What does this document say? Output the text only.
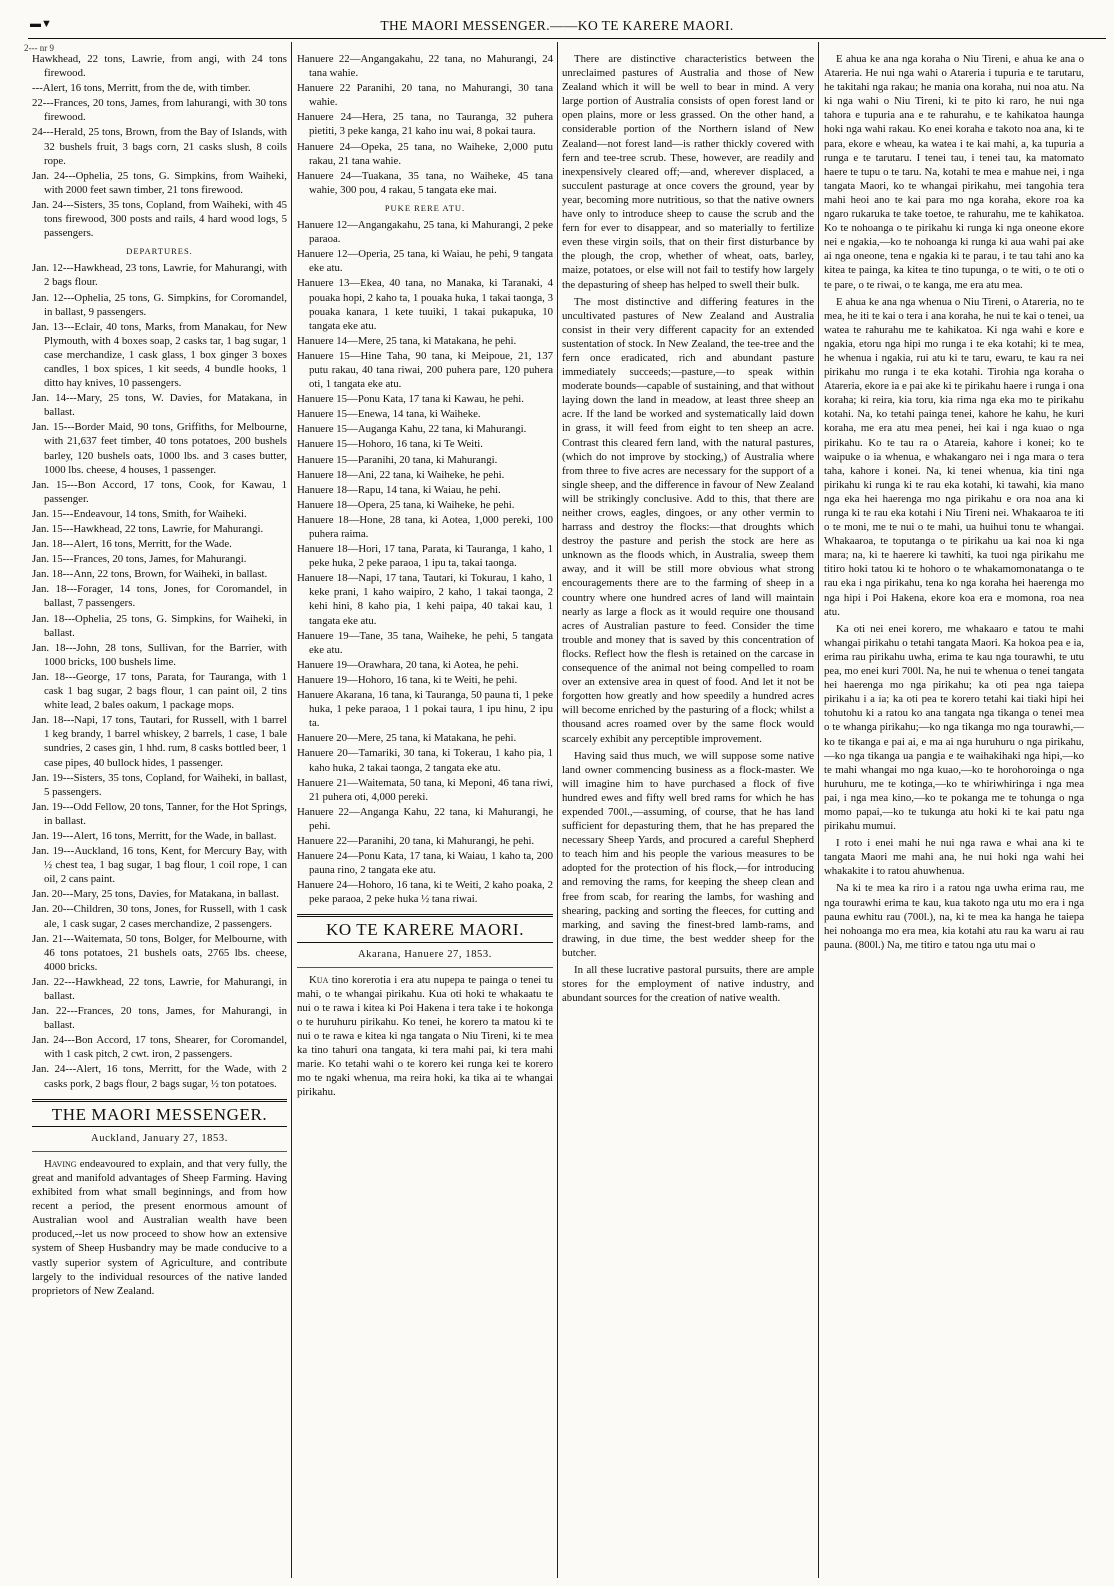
▬▼	THE MAORI MESSENGER.——KO TE KARERE MAORI.
2--- nr 9
Hawkhead, 22 tons, Lawrie, from angi, with 24 tons firewood.
---Alert, 16 tons, Merritt, from the de, with timber.
22---Frances, 20 tons, James, from lahurangi, with 30 tons firewood.
24---Herald, 25 tons, Brown, from the Bay of Islands, with 32 bushels fruit, 3 bags corn, 21 casks slush, 8 coils rope.
Jan. 24---Ophelia, 25 tons, G. Simpkins, from Waiheki, with 2000 feet sawn timber, 21 tons firewood.
Jan. 24---Sisters, 35 tons, Copland, from Waiheki, with 45 tons firewood, 300 posts and rails, 4 hard wood logs, 5 passengers.
DEPARTURES.
Jan. 12---Hawkhead, 23 tons, Lawrie, for Mahurangi, with 2 bags flour.
Jan. 12---Ophelia, 25 tons, G. Simpkins, for Coromandel, in ballast, 9 passengers.
Jan. 13---Eclair, 40 tons, Marks, from Manakau, for New Plymouth, with 4 boxes soap, 2 casks tar, 1 bag sugar, 1 case merchandize, 1 cask glass, 1 box ginger 3 boxes candles, 1 box spices, 1 kit seeds, 4 bundle hooks, 1 ditto hay knives, 10 passengers.
Jan. 14---Mary, 25 tons, W. Davies, for Matakana, in ballast.
Jan. 15---Border Maid, 90 tons, Griffiths, for Melbourne, with 21,637 feet timber, 40 tons potatoes, 200 bushels barley, 120 bushels oats, 1000 lbs. and 3 cases butter, 1000 lbs. cheese, 4 houses, 1 passenger.
Jan. 15---Bon Accord, 17 tons, Cook, for Kawau, 1 passenger.
Jan. 15---Endeavour, 14 tons, Smith, for Waiheki.
Jan. 15---Hawkhead, 22 tons, Lawrie, for Mahurangi.
Jan. 18---Alert, 16 tons, Merritt, for the Wade.
Jan. 15---Frances, 20 tons, James, for Mahurangi.
Jan. 18---Ann, 22 tons, Brown, for Waiheki, in ballast.
Jan. 18---Forager, 14 tons, Jones, for Coromandel, in ballast, 7 passengers.
Jan. 18---Ophelia, 25 tons, G. Simpkins, for Waiheki, in ballast.
Jan. 18---John, 28 tons, Sullivan, for the Barrier, with 1000 bricks, 100 bushels lime.
Jan. 18---George, 17 tons, Parata, for Tauranga, with 1 cask 1 bag sugar, 2 bags flour, 1 can paint oil, 2 tins white lead, 2 bales oakum, 1 package mops.
Jan. 18---Napi, 17 tons, Tautari, for Russell, with 1 barrel 1 keg brandy, 1 barrel whiskey, 2 barrels, 1 case, 1 bale sundries, 2 cases gin, 1 hhd. rum, 8 casks bottled beer, 1 case pipes, 40 bullock hides, 1 passenger.
Jan. 19---Sisters, 35 tons, Copland, for Waiheki, in ballast, 5 passengers.
Jan. 19---Odd Fellow, 20 tons, Tanner, for the Hot Springs, in ballast.
Jan. 19---Alert, 16 tons, Merritt, for the Wade, in ballast.
Jan. 19---Auckland, 16 tons, Kent, for Mercury Bay, with ½ chest tea, 1 bag sugar, 1 bag flour, 1 coil rope, 1 can oil, 2 cans paint.
Jan. 20---Mary, 25 tons, Davies, for Matakana, in ballast.
Jan. 20---Children, 30 tons, Jones, for Russell, with 1 cask ale, 1 cask sugar, 2 cases merchandize, 2 passengers.
Jan. 21---Waitemata, 50 tons, Bolger, for Melbourne, with 46 tons potatoes, 21 bushels oats, 2765 lbs. cheese, 4000 bricks.
Jan. 22---Hawkhead, 22 tons, Lawrie, for Mahurangi, in ballast.
Jan. 22---Frances, 20 tons, James, for Mahurangi, in ballast.
Jan. 24---Bon Accord, 17 tons, Shearer, for Coromandel, with 1 cask pitch, 2 cwt. iron, 2 passengers.
Jan. 24---Alert, 16 tons, Merritt, for the Wade, with 2 casks pork, 2 bags flour, 2 bags sugar, ½ ton potatoes.
THE MAORI MESSENGER.
Auckland, January 27, 1853.

Having endeavoured to explain, and that very fully, the great and manifold advantages of Sheep Farming. Having exhibited from what small beginnings, and from how recent a period, the present enormous amount of Australian wool and Australian wealth have been produced,--let us now proceed to show how an extensive system of Sheep Husbandry may be made conducive to a vastly superior system of Agriculture, and contribute largely to the individual resources of the native landed proprietors of New Zealand.

Hanuere 22—Angangakahu, 22 tana, no Mahurangi, 24 tana wahie.
Hanuere 22 Paranihi, 20 tana, no Mahurangi, 30 tana wahie.
Hanuere 24—Hera, 25 tana, no Tauranga, 32 puhera pietiti, 3 peke kanga, 21 kaho inu wai, 8 pokai taura.
Hanuere 24—Opeka, 25 tana, no Waiheke, 2,000 putu rakau, 21 tana wahie.
Hanuere 24—Tuakana, 35 tana, no Waiheke, 45 tana wahie, 300 pou, 4 rakau, 5 tangata eke mai.
PUKE RERE ATU.
Hanuere 12—Angangakahu, 25 tana, ki Mahurangi, 2 peke paraoa.
Hanuere 12—Operia, 25 tana, ki Waiau, he pehi, 9 tangata eke atu.
Hanuere 13—Ekea, 40 tana, no Manaka, ki Taranaki, 4 pouaka hopi, 2 kaho ta, 1 pouaka huka, 1 takai taonga, 3 pouaka kanara, 1 kete tuuiki, 1 takai pukapuka, 10 tangata eke atu.
Hanuere 14—Mere, 25 tana, ki Matakana, he pehi.
Hanuere 15—Hine Taha, 90 tana, ki Meipoue, 21, 137 putu rakau, 40 tana riwai, 200 puhera pare, 120 puhera oti, 1 tangata eke atu.
Hanuere 15—Ponu Kata, 17 tana ki Kawau, he pehi.
Hanuere 15—Enewa, 14 tana, ki Waiheke.
Hanuere 15—Auganga Kahu, 22 tana, ki Mahurangi.
Hanuere 15—Hohoro, 16 tana, ki Te Weiti.
Hanuere 15—Paranihi, 20 tana, ki Mahurangi.
Hanuere 18—Ani, 22 tana, ki Waiheke, he pehi.
Hanuere 18—Rapu, 14 tana, ki Waiau, he pehi.
Hanuere 18—Opera, 25 tana, ki Waiheke, he pehi.
Hanuere 18—Hone, 28 tana, ki Aotea, 1,000 pereki, 100 puhera raima.
Hanuere 18—Hori, 17 tana, Parata, ki Tauranga, 1 kaho, 1 peke huka, 2 peke paraoa, 1 ipu ta, takai taonga.
Hanuere 18—Napi, 17 tana, Tautari, ki Tokurau, 1 kaho, 1 keke prani, 1 kaho waipiro, 2 kaho, 1 takai taonga, 2 kehi hini, 8 kaho pia, 1 kehi paipa, 40 takai kau, 1 tangata eke atu.
Hanuere 19—Tane, 35 tana, Waiheke, he pehi, 5 tangata eke atu.
Hanuere 19—Orawhara, 20 tana, ki Aotea, he pehi.
Hanuere 19—Hohoro, 16 tana, ki te Weiti, he pehi.
Hanuere Akarana, 16 tana, ki Tauranga, 50 pauna ti, 1 peke huka, 1 peke paraoa, 1 1 pokai taura, 1 ipu hinu, 2 ipu ta.
Hanuere 20—Mere, 25 tana, ki Matakana, he pehi.
Hanuere 20—Tamariki, 30 tana, ki Tokerau, 1 kaho pia, 1 kaho huka, 2 takai taonga, 2 tangata eke atu.
Hanuere 21—Waitemata, 50 tana, ki Meponi, 46 tana riwi, 21 puhera oti, 4,000 pereki.
Hanuere 22—Anganga Kahu, 22 tana, ki Mahurangi, he pehi.
Hanuere 22—Paranihi, 20 tana, ki Mahurangi, he pehi.
Hanuere 24—Ponu Kata, 17 tana, ki Waiau, 1 kaho ta, 200 pauna rino, 2 tangata eke atu.
Hanuere 24—Hohoro, 16 tana, ki te Weiti, 2 kaho poaka, 2 peke paraoa, 2 peke huka ½ tana riwai.
KO TE KARERE MAORI.
Akarana, Hanuere 27, 1853.

Kua tino korerotia i era atu nupepa te painga o tenei tu mahi, o te whangai pirikahu. Kua oti hoki te whakaatu te nui o te rawa i kitea ki Poi Hakena i tera take i te hokonga o te huruhuru pirikahu. Ko tenei, he korero ta matou ki te nui o te rawa e kitea ki nga tangata o Niu Tireni, ki te mea ka tino tahuri ona tangata, ki tera mahi pai, ki tera mahi marie. Ko tetahi wahi o te korero kei runga kei te korero mo te ngaki whenua, ma reira hoki, ka tika ai te whangai pirikahu.

There are distinctive characteristics between the unreclaimed pastures of Australia and those of New Zealand which it will be well to bear in mind. A very large portion of Australia consists of open forest land or open plains, more or less grassed. On the other hand, a considerable portion of the Northern island of New Zealand—not forest land—is rather thickly covered with fern and tee-tree scrub. These, however, are readily and inexpensively cleared off;—and, wherever displaced, a succulent pasturage at once covers the ground, year by year, becoming more nutritious, so that the native owners have only to introduce sheep to cause the scrub and the fern for ever to disappear, and so materially to fertilize even these virgin soils, that on their first disturbance by the plough, the crop, whether of wheat, oats, barley, maize, potatoes, or else will not fail to testify how largely the depasturing of sheep has helped to swell their bulk.

The most distinctive and differing features in the uncultivated pastures of New Zealand and Australia consist in their very different capacity for an extended sustentation of stock. In New Zealand, the tee-tree and the fern once eradicated, rich and abundant pasture immediately succeeds;—pasture,—to speak within moderate bounds—capable of sustaining, and that without laying down the land in meadow, at least three sheep an acre. If the land be worked and systematically laid down in grass, it will feed from eight to ten sheep an acre. Contrast this cleared fern land, with the natural pastures, (which do not improve by stocking,) of Australia where from three to five acres are necessary for the support of a single sheep, and the difference in favour of New Zealand will be strikingly conclusive. Add to this, that there are neither crows, eagles, dingoes, or any other vermin to harrass and destroy the flocks:—that droughts which destroy the pasture and perish the stock are here as unknown as the floods which, in Australia, sweep them away, and it will be still more obvious what strong encouragements there are to the farming of sheep in a country where one hundred acres of land will maintain nearly as large a flock as it would require one thousand acres of Australian pasture to feed. Consider the time trouble and money that is saved by this concentration of flocks. Reflect how the flesh is retained on the carcase in consequence of the animal not being compelled to roam over an extensive area in quest of food. And let it not be forgotten how greatly and how speedily a hundred acres will become enriched by the pasturing of a flock; whilst a thousand acres roamed over by the same flock would scarcely exhibit any perceptible improvement.

Having said thus much, we will suppose some native land owner commencing business as a flock-master. We will imagine him to have purchased a flock of five hundred ewes and fifty well bred rams for which he has expended 700l.,—assuming, of course, that he has land sufficient for depasturing them, that he has prepared the necessary Sheep Yards, and procured a careful Shepherd to teach him and his people the various measures to be adopted for the protection of his flock,—for introducing and removing the rams, for keeping the sheep clean and free from scab, for rearing the lambs, for washing and shearing, packing and sorting the fleeces, for cutting and marking, and saving the finest-bred lamb-rams, and drawing, in due time, the best wedder sheep for the butcher.

In all these lucrative pastoral pursuits, there are ample stores for the employment of native industry, and abundant sources for the creation of native wealth.

E ahua ke ana nga koraha o Niu Tireni, e ahua ke ana o Atareria. He nui nga wahi o Atareria i tupuria e te tarutaru, he takitahi nga rakau; he mania ona koraha, nui noa atu. Na ki nga wahi o Niu Tireni, ki te pito ki raro, he nui nga tahora e tupuria ana e te rahurahu, e te kahikatoa haunga hoki nga wahi rakau. Ko enei koraha e takoto noa ana, ki te para, ekore e wheau, ka watea i te kai mahi, a, ka tupuria a runga e te tarutaru. I tenei tau, i tenei tau, ka matomato haere te tupu o te taru. Na, kotahi te mea e mahue nei, i nga tangata Maori, ko te whangai pirikahu, mei tangohia tera mahi heoi ano te kai para mo nga koraha, ekore roa ka ngaro rukaruka te take toetoe, te rahurahu, me te kahikatoa. Ko te nohoanga o te pirikahu ki runga ki nga oneone ekore nei e ngakia,—ko te nohoanga ki runga ki aua wahi pai ake ai nga oneone, tena e ngakia ki te parau, i te tau tahi ano ka kitea te painga, ka kitea te tino tupunga, o te witi, o te oti o te pare, o te riwai, o te kanga, me era atu mea.

E ahua ke ana nga whenua o Niu Tireni, o Atareria, no te mea, he iti te kai o tera i ana koraha, he nui te kai o tenei, ua watea te rahurahu me te kahikatoa. Ki nga wahi e kore e ngakia, etoru nga hipi mo runga i te eka kotahi; ki te mea, he whenua i ngakia, rui atu ki te taru, ewaru, te kau ra nei pirikahu mo runga i te eka kotahi. Tirohia nga koraha o Atareria, ekore ia e pai ake ki te pirikahu haere i runga i ona koraha; ki reira, kia toru, kia rima nga eka mo te pirikahu kotahi. Na, ko tetahi painga tenei, kahore he kahu, he kuri koraha, me era atu mea penei, hei kai i nga kuao o nga pirikahu. Ko te tau ra o Atareia, kahore i konei; ko te waipuke o ia whenua, e whakangaro nei i nga mara o tera taha, kahore i konei. Na, ki tenei whenua, kia tini nga pirikahu ki runga ki te rau eka kotahi, ki tawahi, kia mano nga eka hei haerenga mo nga pirikahu e ora noa ana ki runga ki te rau eka kotahi i Niu Tireni nei. Whakaaroa te iti o te moni, me te nui o te mahi, ua huihui tonu te whangai. Whakaaroa, te toputanga o te pirikahu ua kai noa ki nga mara; na, ki te haerere ki tawhiti, ka tuoi nga pirikahu me titiro hoki tatou ki te hohoro o te whakamomonatanga o te rau eka i nga pirikahu, tena ko nga koraha hei haerenga mo nga hipi i Poi Hakena, ekore koa era e momona, roa nea atu.

Ka oti nei enei korero, me whakaaro e tatou te mahi whangai pirikahu o tetahi tangata Maori. Ka hokoa pea e ia, erima rau pirikahu uwha, erima te kau nga tourawhi, te utu pea, mo enei kuri 700l. Na, he nui te whenua o tenei tangata hei haerenga mo nga pirikahu; ka oti pea nga taiepa pirikahu i a ia; ka oti pea te korero tetahi kai tiaki hipi hei tohutohu ki a ratou ko ana tangata nga tikanga o tenei mea o te whanga pirikahu;—ko nga tikanga mo nga tourawhi,—ko te tikanga e pai ai, e ma ai nga huruhuru o nga pirikahu,—ko nga tikanga ua pangia e te waihakihaki nga hipi,—ko te mahi whangai mo nga kuao,—ko te horohoroinga o nga huruhuru, me te kotinga,—ko te whiriwhiringa i nga mea pai, i nga mea kino,—ko te pokanga me te tohunga o nga momo papai,—ko te tukunga atu hoki ki te kai patu nga pirikahu mumui.

I roto i enei mahi he nui nga rawa e whai ana ki te tangata Maori me mahi ana, he nui hoki nga wahi hei whakakite i to ratou ahuwhenua.

Na ki te mea ka riro i a ratou nga uwha erima rau, me nga tourawhi erima te kau, kua takoto nga utu mo era i nga pauna ewhitu rau (700l.), na, ki te mea ka hanga he taiepa hei nohoanga mo era mea, kia kotahi atu rau ka waru ai rau pauna. (800l.) Na, me titiro e tatou nga utu mai o
